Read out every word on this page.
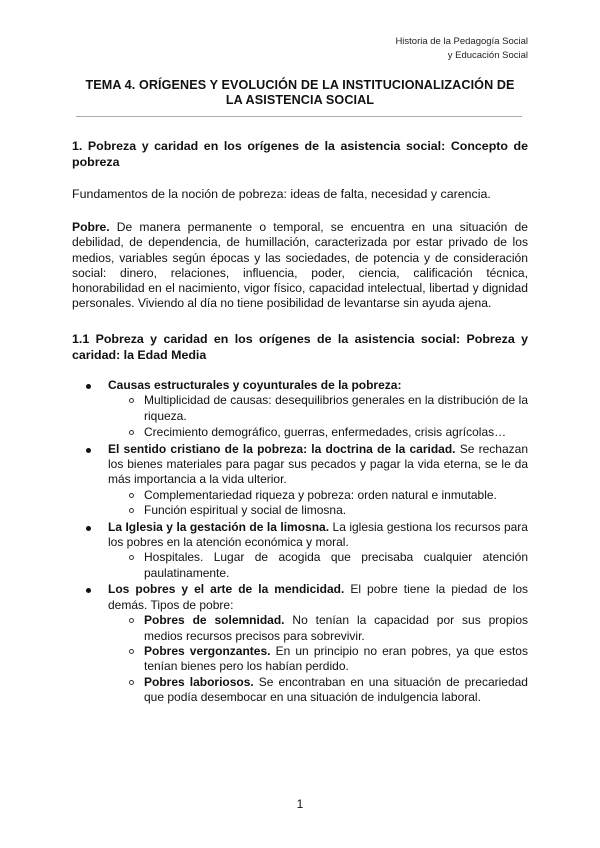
Historia de la Pedagogía Social
y Educación Social
TEMA 4. ORÍGENES Y EVOLUCIÓN DE LA INSTITUCIONALIZACIÓN DE
LA ASISTENCIA SOCIAL
1. Pobreza y caridad en los orígenes de la asistencia social: Concepto de pobreza
Fundamentos de la noción de pobreza: ideas de falta, necesidad y carencia.
Pobre. De manera permanente o temporal, se encuentra en una situación de debilidad, de dependencia, de humillación, caracterizada por estar privado de los medios, variables según épocas y las sociedades, de potencia y de consideración social: dinero, relaciones, influencia, poder, ciencia, calificación técnica, honorabilidad en el nacimiento, vigor físico, capacidad intelectual, libertad y dignidad personales. Viviendo al día no tiene posibilidad de levantarse sin ayuda ajena.
1.1 Pobreza y caridad en los orígenes de la asistencia social: Pobreza y caridad: la Edad Media
Causas estructurales y coyunturales de la pobreza:
Multiplicidad de causas: desequilibrios generales en la distribución de la riqueza.
Crecimiento demográfico, guerras, enfermedades, crisis agrícolas…
El sentido cristiano de la pobreza: la doctrina de la caridad. Se rechazan los bienes materiales para pagar sus pecados y pagar la vida eterna, se le da más importancia a la vida ulterior.
Complementariedad riqueza y pobreza: orden natural e inmutable.
Función espiritual y social de limosna.
La Iglesia y la gestación de la limosna. La iglesia gestiona los recursos para los pobres en la atención económica y moral.
Hospitales. Lugar de acogida que precisaba cualquier atención paulatinamente.
Los pobres y el arte de la mendicidad. El pobre tiene la piedad de los demás. Tipos de pobre:
Pobres de solemnidad. No tenían la capacidad por sus propios medios recursos precisos para sobrevivir.
Pobres vergonzantes. En un principio no eran pobres, ya que estos tenían bienes pero los habían perdido.
Pobres laboriosos. Se encontraban en una situación de precariedad que podía desembocar en una situación de indulgencia laboral.
1
